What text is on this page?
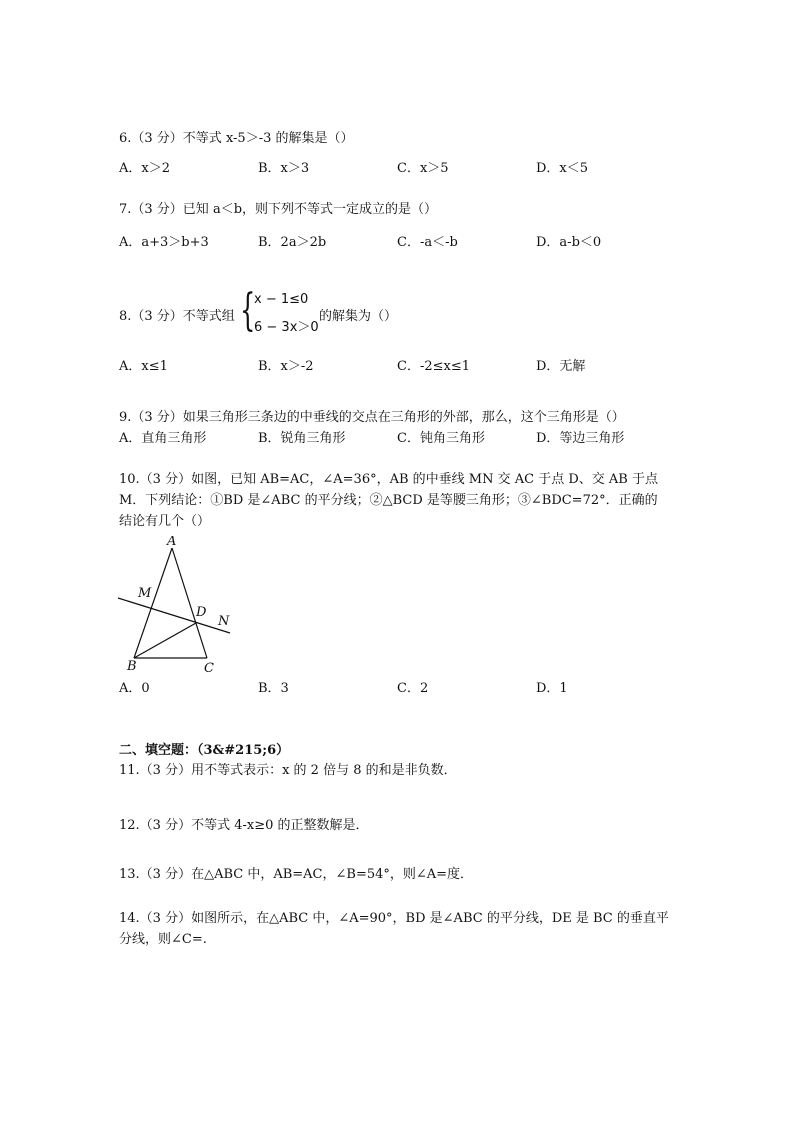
6.（3 分）不等式 x-5＞-3 的解集是（）
A．x＞2	B．x＞3	C．x＞5	D．x＜5
7.（3 分）已知 a＜b，则下列不等式一定成立的是（）
A．a+3＞b+3	B．2a＞2b	C．-a＜-b	D．a-b＜0
8.（3 分）不等式组 {
x − 1≤0
6 − 3x＞0
的解集为（）
A．x≤1	B．x＞-2	C．-2≤x≤1	D．无解
9.（3 分）如果三角形三条边的中垂线的交点在三角形的外部，那么，这个三角形是（）
A．直角三角形	B．锐角三角形	C．钝角三角形	D．等边三角形
10.（3 分）如图，已知 AB=AC，∠A=36°，AB 的中垂线 MN 交 AC 于点 D、交 AB 于点
M．下列结论：①BD 是∠ABC 的平分线；②△BCD 是等腰三角形；③∠BDC=72°．正确的
结论有几个（）
A
M
D
N
B	C
A．0	B．3	C．2	D．1
二、填空题：（3&#215;6）
11.（3 分）用不等式表示：x 的 2 倍与 8 的和是非负数．
12.（3 分）不等式 4-x≥0 的正整数解是．
13.（3 分）在△ABC 中，AB=AC，∠B=54°，则∠A=度．
14.（3 分）如图所示，在△ABC 中，∠A=90°，BD 是∠ABC 的平分线，DE 是 BC 的垂直平
分线，则∠C=.
